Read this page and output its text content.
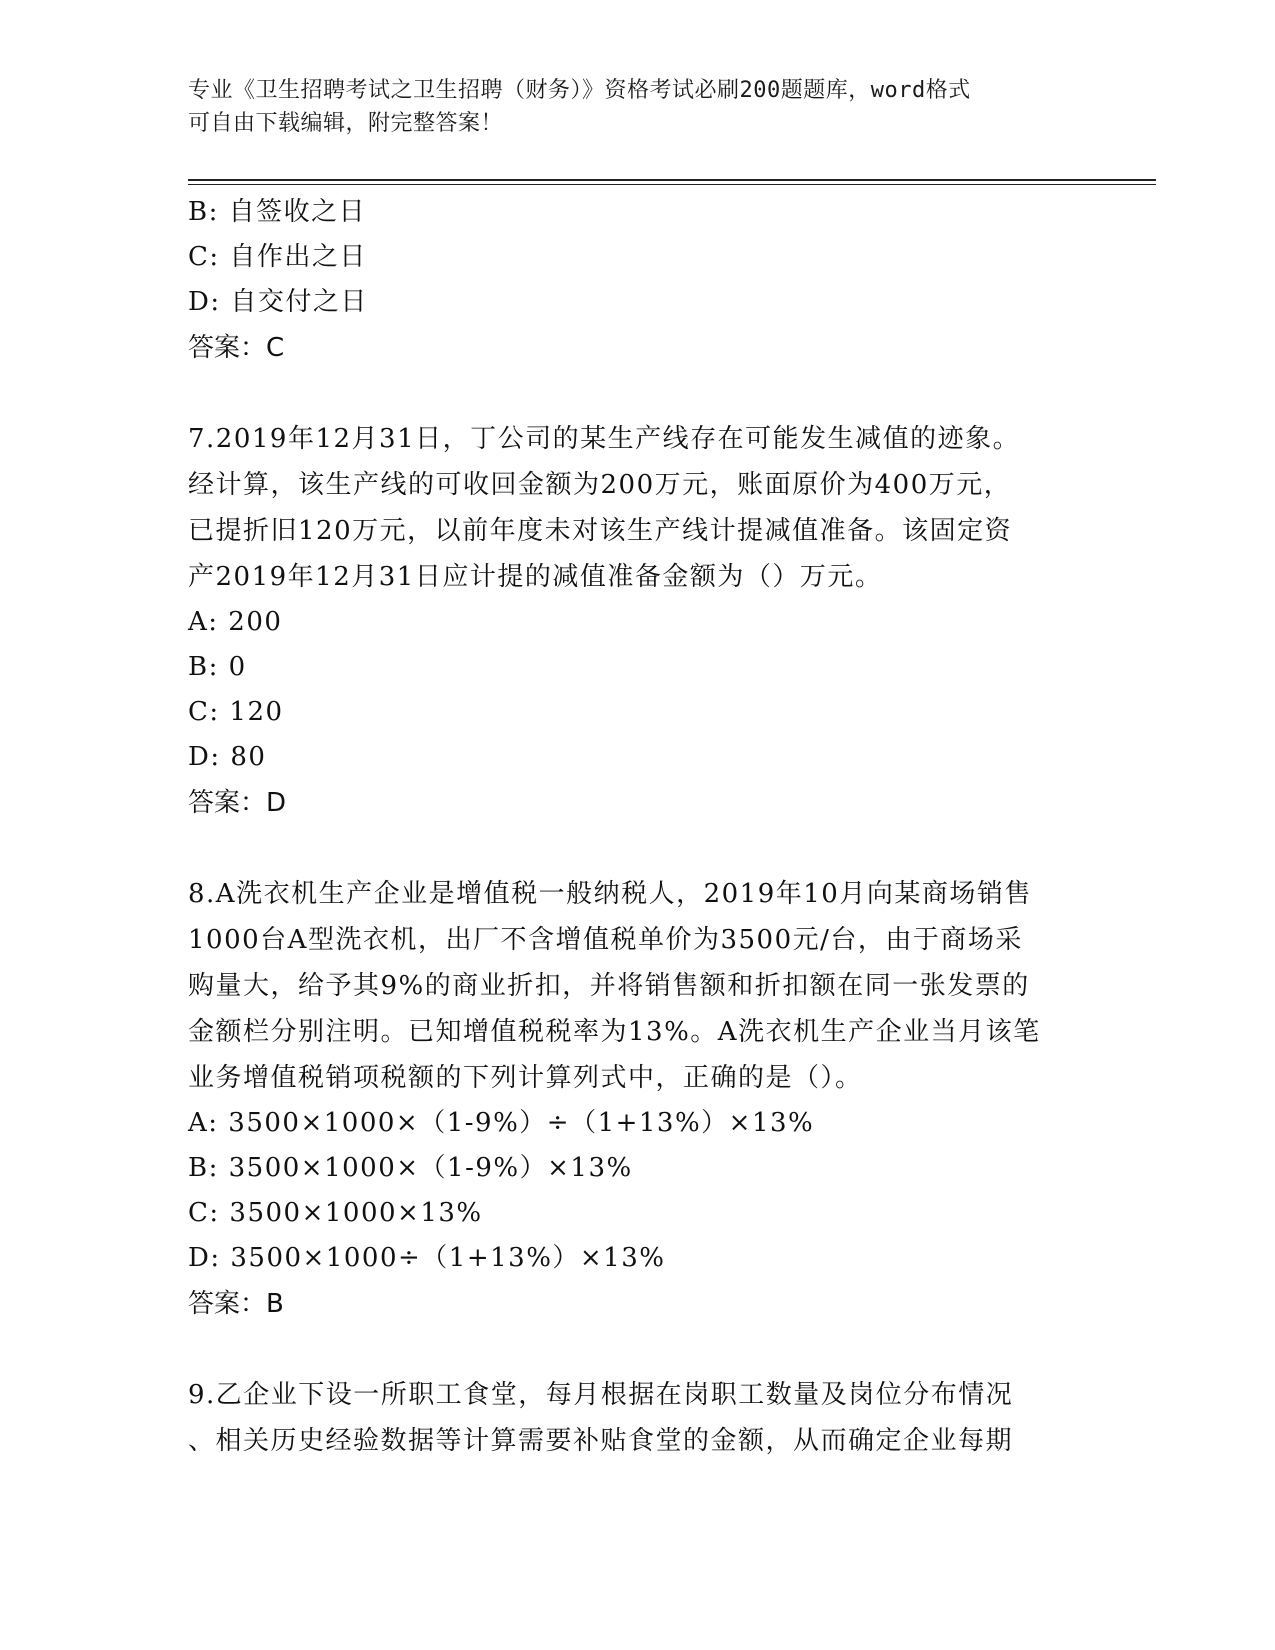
专业《卫生招聘考试之卫生招聘（财务）》资格考试必刷200题题库，word格式
可自由下载编辑，附完整答案！
B: 自签收之日
C: 自作出之日
D: 自交付之日
答案：C
7.2019年12月31日，丁公司的某生产线存在可能发生减值的迹象。
经计算，该生产线的可收回金额为200万元，账面原价为400万元，
已提折旧120万元，以前年度未对该生产线计提减值准备。该固定资
产2019年12月31日应计提的减值准备金额为（）万元。
A: 200
B: 0
C: 120
D: 80
答案：D
8.A洗衣机生产企业是增值税一般纳税人，2019年10月向某商场销售
1000台A型洗衣机，出厂不含增值税单价为3500元/台，由于商场采
购量大，给予其9%的商业折扣，并将销售额和折扣额在同一张发票的
金额栏分别注明。已知增值税税率为13%。A洗衣机生产企业当月该笔
业务增值税销项税额的下列计算列式中，正确的是（）。
A: 3500×1000×（1-9%）÷（1+13%）×13%
B: 3500×1000×（1-9%）×13%
C: 3500×1000×13%
D: 3500×1000÷（1+13%）×13%
答案：B
9.乙企业下设一所职工食堂，每月根据在岗职工数量及岗位分布情况
、相关历史经验数据等计算需要补贴食堂的金额，从而确定企业每期
